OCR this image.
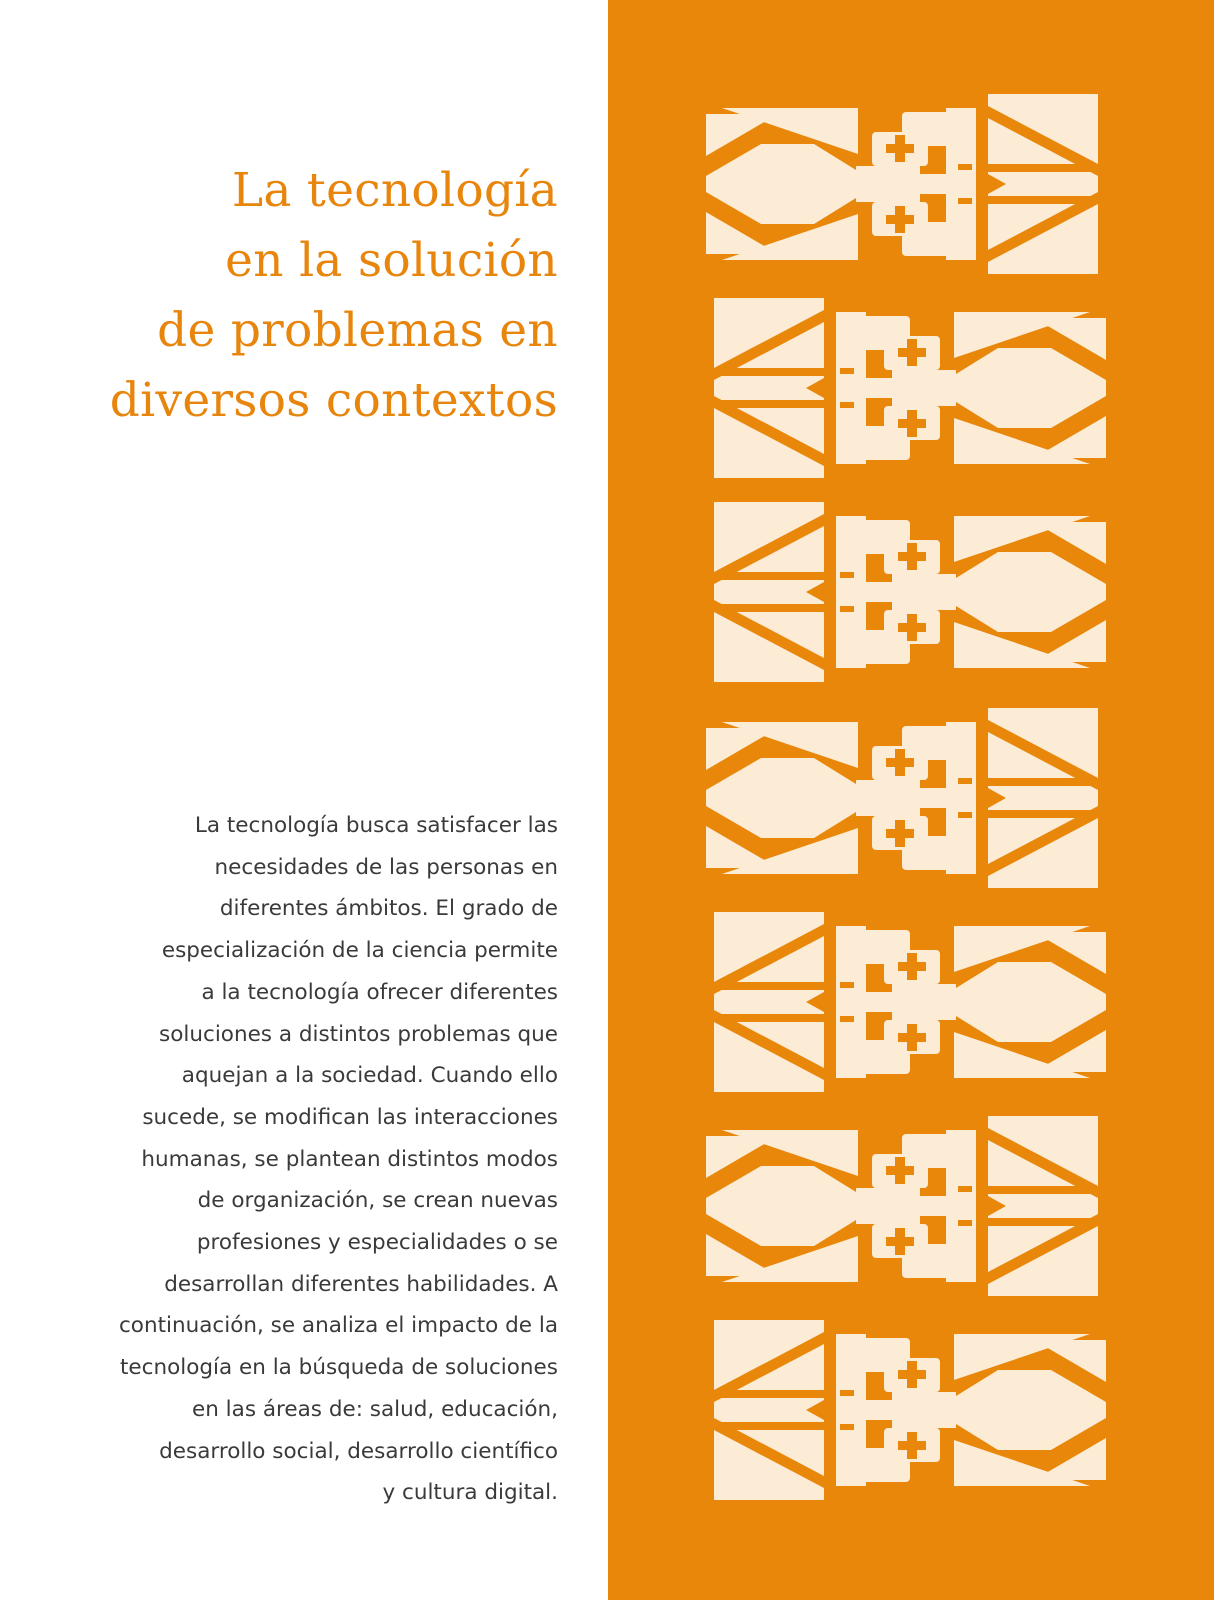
La tecnología
en la solución
de problemas en
diversos contextos

La tecnología busca satisfacer las
necesidades de las personas en
diferentes ámbitos. El grado de
especialización de la ciencia permite
a la tecnología ofrecer diferentes
soluciones a distintos problemas que
aquejan a la sociedad. Cuando ello
sucede, se modifican las interacciones
humanas, se plantean distintos modos
de organización, se crean nuevas
profesiones y especialidades o se
desarrollan diferentes habilidades. A
continuación, se analiza el impacto de la
tecnología en la búsqueda de soluciones
en las áreas de: salud, educación,
desarrollo social, desarrollo científico
y cultura digital.
